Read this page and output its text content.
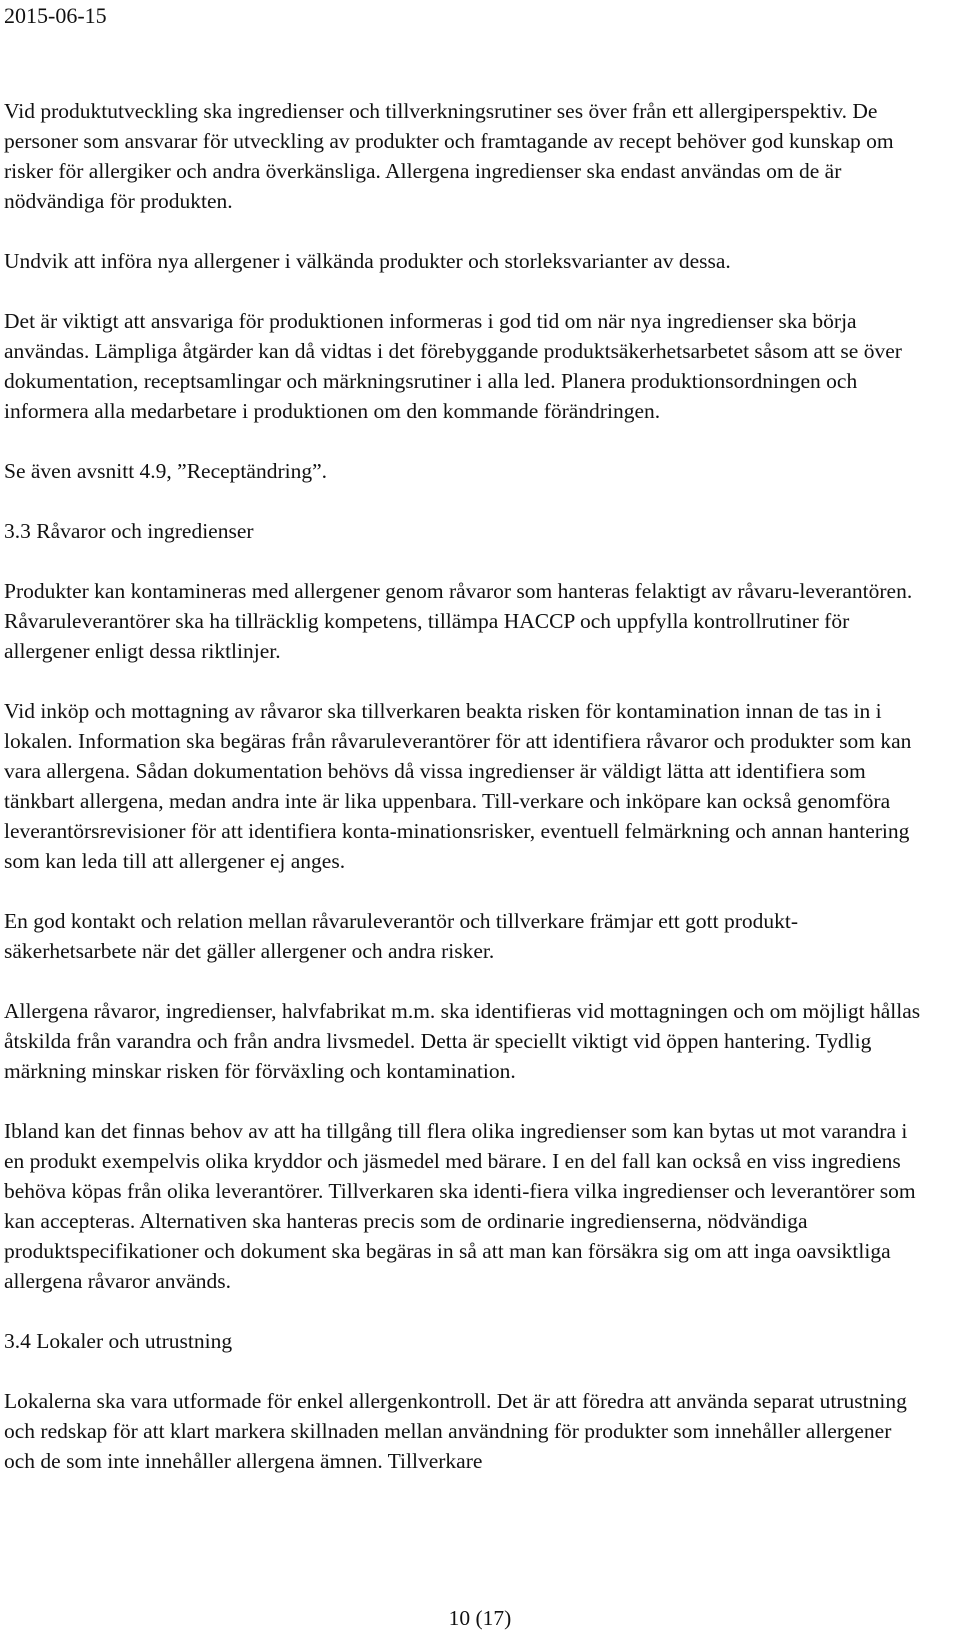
2015-06-15

Vid produktutveckling ska ingredienser och tillverkningsrutiner ses över från ett allergiperspektiv. De personer som ansvarar för utveckling av produkter och framtagande av recept behöver god kunskap om risker för allergiker och andra överkänsliga. Allergena ingredienser ska endast användas om de är nödvändiga för produkten.

Undvik att införa nya allergener i välkända produkter och storleksvarianter av dessa.

Det är viktigt att ansvariga för produktionen informeras i god tid om när nya ingredienser ska börja användas. Lämpliga åtgärder kan då vidtas i det förebyggande produktsäkerhetsarbetet såsom att se över dokumentation, receptsamlingar och märkningsrutiner i alla led. Planera produktionsordningen och informera alla medarbetare i produktionen om den kommande förändringen.

Se även avsnitt 4.9, ”Receptändring”.

3.3 Råvaror och ingredienser

Produkter kan kontamineras med allergener genom råvaror som hanteras felaktigt av råvaru-leverantören. Råvaruleverantörer ska ha tillräcklig kompetens, tillämpa HACCP och uppfylla kontrollrutiner för allergener enligt dessa riktlinjer.

Vid inköp och mottagning av råvaror ska tillverkaren beakta risken för kontamination innan de tas in i lokalen. Information ska begäras från råvaruleverantörer för att identifiera råvaror och produkter som kan vara allergena. Sådan dokumentation behövs då vissa ingredienser är väldigt lätta att identifiera som tänkbart allergena, medan andra inte är lika uppenbara. Till-verkare och inköpare kan också genomföra leverantörsrevisioner för att identifiera konta-minationsrisker, eventuell felmärkning och annan hantering som kan leda till att allergener ej anges.

En god kontakt och relation mellan råvaruleverantör och tillverkare främjar ett gott produkt-säkerhetsarbete när det gäller allergener och andra risker.

Allergena råvaror, ingredienser, halvfabrikat m.m. ska identifieras vid mottagningen och om möjligt hållas åtskilda från varandra och från andra livsmedel. Detta är speciellt viktigt vid öppen hantering. Tydlig märkning minskar risken för förväxling och kontamination.

Ibland kan det finnas behov av att ha tillgång till flera olika ingredienser som kan bytas ut mot varandra i en produkt exempelvis olika kryddor och jäsmedel med bärare. I en del fall kan också en viss ingrediens behöva köpas från olika leverantörer. Tillverkaren ska identi-fiera vilka ingredienser och leverantörer som kan accepteras. Alternativen ska hanteras precis som de ordinarie ingredienserna, nödvändiga produktspecifikationer och dokument ska begäras in så att man kan försäkra sig om att inga oavsiktliga allergena råvaror används.

3.4 Lokaler och utrustning

Lokalerna ska vara utformade för enkel allergenkontroll. Det är att föredra att använda separat utrustning och redskap för att klart markera skillnaden mellan användning för produkter som innehåller allergener och de som inte innehåller allergena ämnen. Tillverkare

10 (17)
